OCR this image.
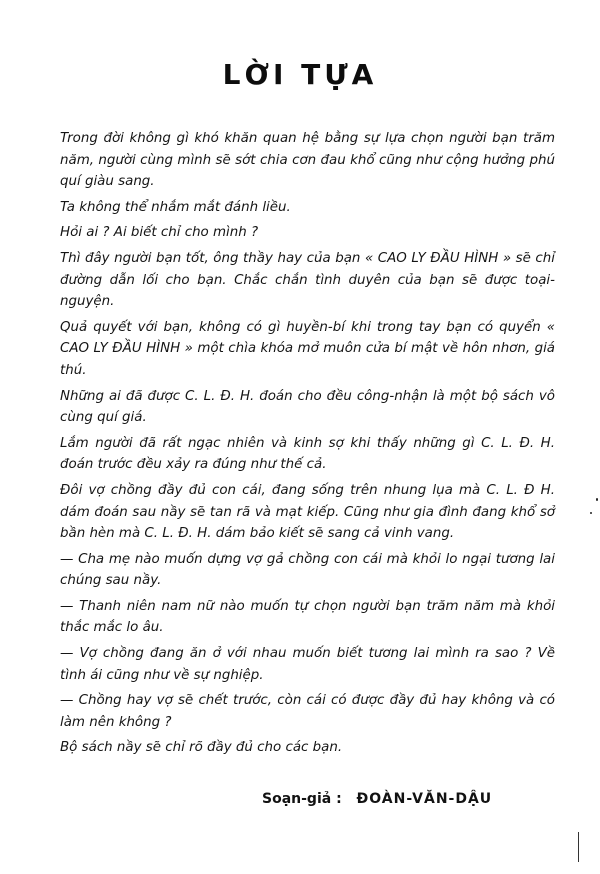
LỜI TỰA

Trong đời không gì khó khăn quan hệ bằng sự lựa chọn người bạn trăm năm, người cùng mình sẽ sớt chia cơn đau khổ cũng như cộng hưởng phú quí giàu sang.

Ta không thể nhắm mắt đánh liều.

Hỏi ai ? Ai biết chỉ cho mình ?

Thì đây người bạn tốt, ông thầy hay của bạn « CAO LY ĐẦU HÌNH » sẽ chỉ đường dẫn lối cho bạn. Chắc chắn tình duyên của bạn sẽ được toại-nguyện.

Quả quyết với bạn, không có gì huyền-bí khi trong tay bạn có quyển « CAO LY ĐẦU HÌNH » một chìa khóa mở muôn cửa bí mật về hôn nhơn, giá thú.

Những ai đã được C. L. Đ. H. đoán cho đều công-nhận là một bộ sách vô cùng quí giá.

Lắm người đã rất ngạc nhiên và kinh sợ khi thấy những gì C. L. Đ. H. đoán trước đều xảy ra đúng như thế cả.

Đôi vợ chồng đầy đủ con cái, đang sống trên nhung lụa mà C. L. Đ H. dám đoán sau nầy sẽ tan rã và mạt kiếp. Cũng như gia đình đang khổ sở bần hèn mà C. L. Đ. H. dám bảo kiết sẽ sang cả vinh vang.

— Cha mẹ nào muốn dựng vợ gả chồng con cái mà khỏi lo ngại tương lai chúng sau nầy.

— Thanh niên nam nữ nào muốn tự chọn người bạn trăm năm mà khỏi thắc mắc lo âu.

— Vợ chồng đang ăn ở với nhau muốn biết tương lai mình ra sao ? Về tình ái cũng như về sự nghiệp.

— Chồng hay vợ sẽ chết trước, còn cái có được đầy đủ hay không và có làm nên không ?

Bộ sách nầy sẽ chỉ rõ đầy đủ cho các bạn.

Soạn-giả : ĐOÀN-VĂN-DẬU
